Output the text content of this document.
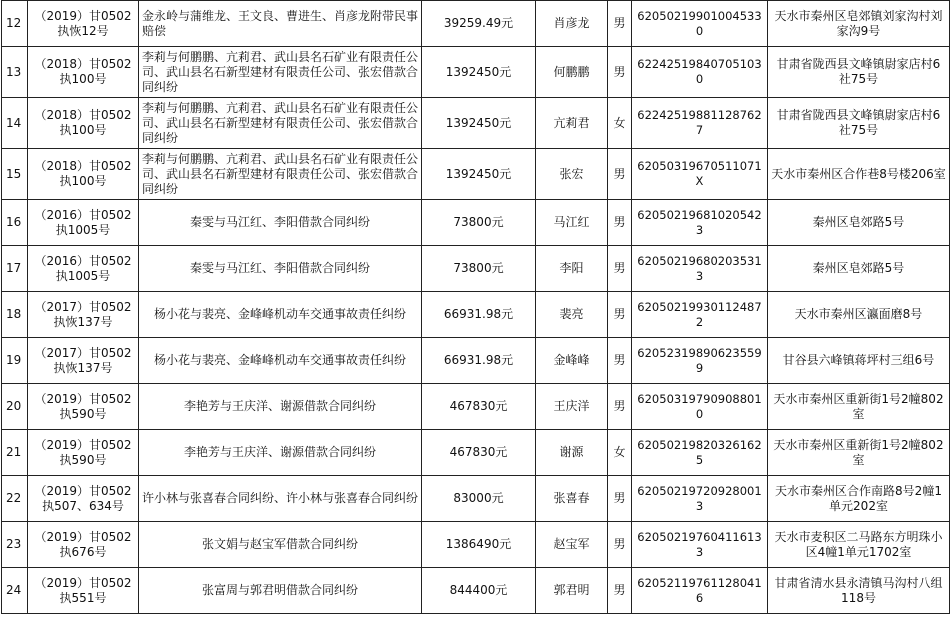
12	（2019）甘0502执恢12号	金永岭与蒲维龙、王文良、曹进生、肖彦龙附带民事赔偿	39259.49元	肖彦龙	男	620502199010045330	天水市秦州区皂郊镇刘家沟村刘家沟9号
13	（2018）甘0502执100号	李莉与何鹏鹏、亢莉君、武山县名石矿业有限责任公司、武山县名石新型建材有限责任公司、张宏借款合同纠纷	1392450元	何鹏鹏	男	622425198407051030	甘肃省陇西县文峰镇尉家店村6社75号
14	（2018）甘0502执100号	李莉与何鹏鹏、亢莉君、武山县名石矿业有限责任公司、武山县名石新型建材有限责任公司、张宏借款合同纠纷	1392450元	亢莉君	女	622425198811287627	甘肃省陇西县文峰镇尉家店村6社75号
15	（2018）甘0502执100号	李莉与何鹏鹏、亢莉君、武山县名石矿业有限责任公司、武山县名石新型建材有限责任公司、张宏借款合同纠纷	1392450元	张宏	男	62050319670511071X	天水市秦州区合作巷8号楼206室
16	（2016）甘0502执1005号	秦雯与马江红、李阳借款合同纠纷	73800元	马江红	男	620502196810205423	秦州区皂郊路5号
17	（2016）甘0502执1005号	秦雯与马江红、李阳借款合同纠纷	73800元	李阳	男	620502196802035313	秦州区皂郊路5号
18	（2017）甘0502执恢137号	杨小花与裴亮、金峰峰机动车交通事故责任纠纷	66931.98元	裴亮	男	620502199301124872	天水市秦州区瀛面磨8号
19	（2017）甘0502执恢137号	杨小花与裴亮、金峰峰机动车交通事故责任纠纷	66931.98元	金峰峰	男	620523198906235599	甘谷县六峰镇蒋坪村三组6号
20	（2019）甘0502执590号	李艳芳与王庆洋、谢源借款合同纠纷	467830元	王庆洋	男	620503197909088010	天水市秦州区重新街1号2幢802室
21	（2019）甘0502执590号	李艳芳与王庆洋、谢源借款合同纠纷	467830元	谢源	女	620502198203261625	天水市秦州区重新街1号2幢802室
22	（2019）甘0502执507、634号	许小林与张喜春合同纠纷、许小林与张喜春合同纠纷	83000元	张喜春	男	620502197209280013	天水市秦州区合作南路8号2幢1单元202室
23	（2019）甘0502执676号	张文娟与赵宝军借款合同纠纷	1386490元	赵宝军	男	620502197604116133	天水市麦积区二马路东方明珠小区4幢1单元1702室
24	（2019）甘0502执551号	张富周与郭君明借款合同纠纷	844400元	郭君明	男	620521197611280416	甘肃省清水县永清镇马沟村八组118号
